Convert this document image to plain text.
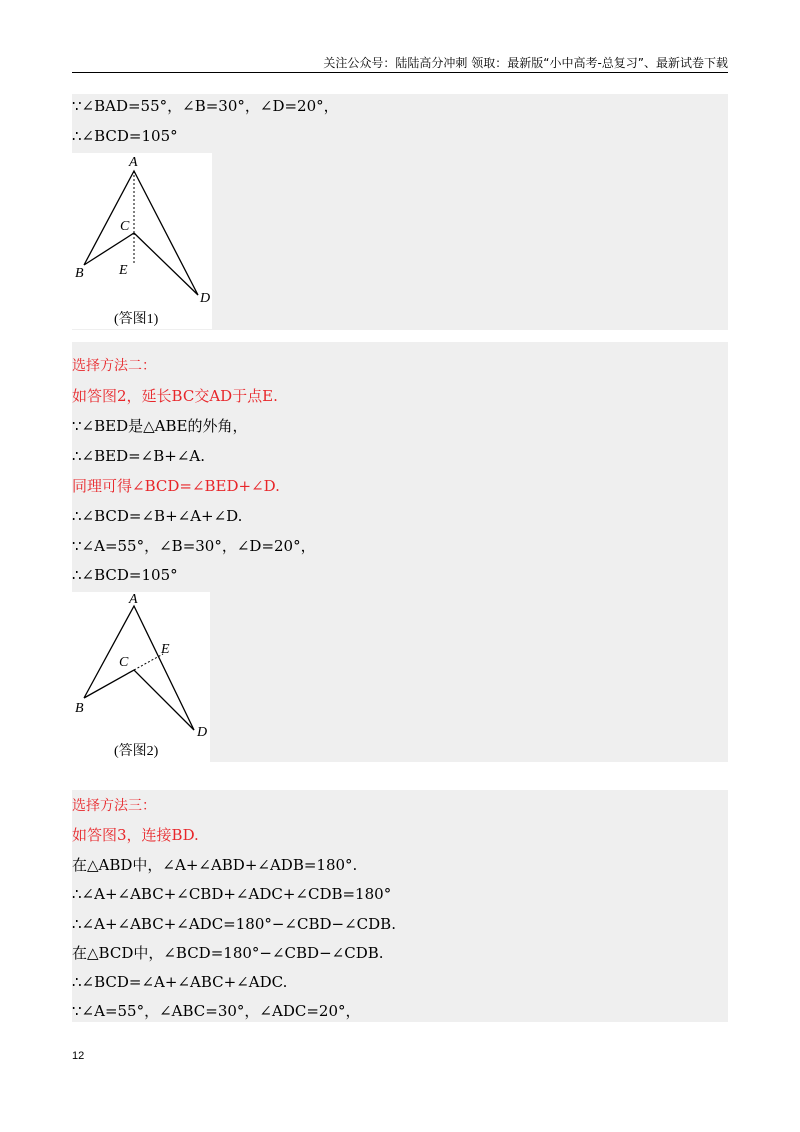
关注公众号：陆陆高分冲刺 领取：最新版“小中高考-总复习”、最新试卷下载
∵∠BAD=55°，∠B=30°，∠D=20°，
∴∠BCD=105°
A
B
C
D
E
(答图1)
选择方法二：
如答图2，延长BC交AD于点E.
∵∠BED是△ABE的外角，
∴∠BED=∠B+∠A.
同理可得∠BCD=∠BED+∠D.
∴∠BCD=∠B+∠A+∠D.
∵∠A=55°，∠B=30°，∠D=20°，
∴∠BCD=105°
A
B
C
D
E
(答图2)
选择方法三：
如答图3，连接BD.
在△ABD中，∠A+∠ABD+∠ADB=180°.
∴∠A+∠ABC+∠CBD+∠ADC+∠CDB=180°
∴∠A+∠ABC+∠ADC=180°−∠CBD−∠CDB.
在△BCD中，∠BCD=180°−∠CBD−∠CDB.
∴∠BCD=∠A+∠ABC+∠ADC.
∵∠A=55°，∠ABC=30°，∠ADC=20°，
12
